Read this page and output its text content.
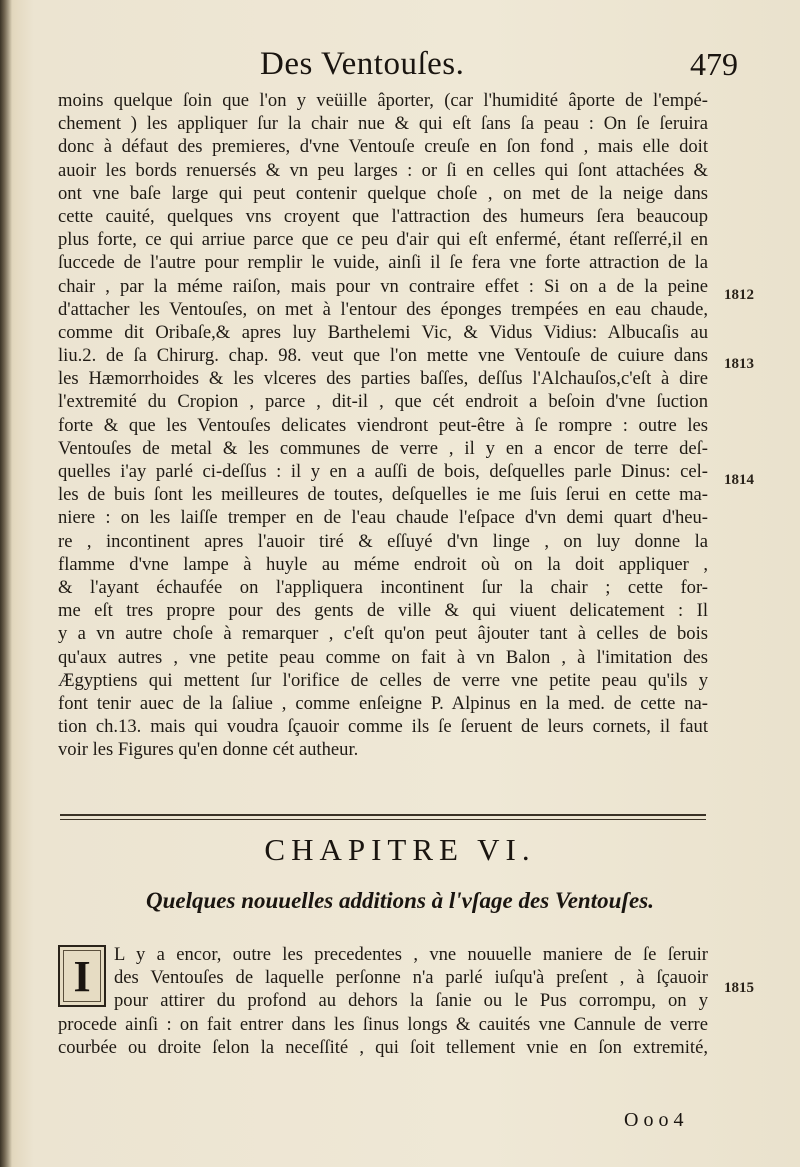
Des Ventouſes.	479
moins quelque ſoin que l'on y veüille âporter, (car l'humidité âporte de l'empé-
chement ) les appliquer ſur la chair nue & qui eſt ſans ſa peau : On ſe ſeruira
donc à défaut des premieres, d'vne Ventouſe creuſe en ſon fond , mais elle doit
auoir les bords renuersés & vn peu larges : or ſi en celles qui ſont attachées &
ont vne baſe large qui peut contenir quelque choſe , on met de la neige dans
cette cauité, quelques vns croyent que l'attraction des humeurs ſera beaucoup
plus forte, ce qui arriue parce que ce peu d'air qui eſt enfermé, étant reſſerré,il en
ſuccede de l'autre pour remplir le vuide, ainſi il ſe fera vne forte attraction de la
chair , par la méme raiſon, mais pour vn contraire effet : Si on a de la peine
d'attacher les Ventouſes, on met à l'entour des éponges trempées en eau chaude,
comme dit Oribaſe,& apres luy Barthelemi Vic, & Vidus Vidius: Albucaſis au
liu.2. de ſa Chirurg. chap. 98. veut que l'on mette vne Ventouſe de cuiure dans
les Hæmorrhoides & les vlceres des parties baſſes, deſſus l'Alchauſos,c'eſt à dire
l'extremité du Cropion , parce , dit-il , que cét endroit a beſoin d'vne ſuction
forte & que les Ventouſes delicates viendront peut-être à ſe rompre : outre les
Ventouſes de metal & les communes de verre , il y en a encor de terre deſ-
quelles i'ay parlé ci-deſſus : il y en a auſſi de bois, deſquelles parle Dinus: cel-
les de buis ſont les meilleures de toutes, deſquelles ie me ſuis ſerui en cette ma-
niere : on les laiſſe tremper en de l'eau chaude l'eſpace d'vn demi quart d'heu-
re , incontinent apres l'auoir tiré & eſſuyé d'vn linge , on luy donne la
flamme d'vne lampe à huyle au méme endroit où on la doit appliquer ,
& l'ayant échaufée on l'appliquera incontinent ſur la chair ; cette for-
me eſt tres propre pour des gents de ville & qui viuent delicatement : Il
y a vn autre choſe à remarquer , c'eſt qu'on peut âjouter tant à celles de bois
qu'aux autres , vne petite peau comme on fait à vn Balon , à l'imitation des
Ægyptiens qui mettent ſur l'orifice de celles de verre vne petite peau qu'ils y
font tenir auec de la ſaliue , comme enſeigne P. Alpinus en la med. de cette na-
tion ch.13. mais qui voudra ſçauoir comme ils ſe ſeruent de leurs cornets, il faut
voir les Figures qu'en donne cét autheur.
1812
1813
1814
1815
CHAPITRE VI.
Quelques nouuelles additions à l'vſage des Ventouſes.
I	L y a encor, outre les precedentes , vne nouuelle maniere de ſe ſeruir
des Ventouſes de laquelle perſonne n'a parlé iuſqu'à preſent , à ſçauoir
pour attirer du profond au dehors la ſanie ou le Pus corrompu, on y
procede ainſi : on fait entrer dans les ſinus longs & cauités vne Cannule de verre
courbée ou droite ſelon la neceſſité , qui ſoit tellement vnie en ſon extremité,
O o o 4
